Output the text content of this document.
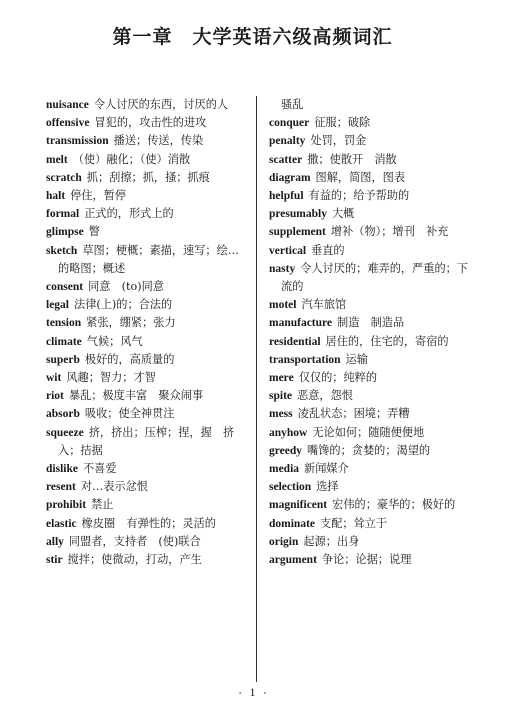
第一章　大学英语六级高频词汇

nuisance 令人讨厌的东西，讨厌的人

offensive 冒犯的，攻击性的进攻

transmission 播送；传送，传染

melt （使）融化；（使）消散

scratch 抓；刮擦；抓，搔；抓痕

halt 停住，暂停

formal 正式的，形式上的

glimpse 瞥

sketch 草图；梗概；素描，速写；绘…的略图；概述

consent 同意　(to)同意

legal 法律(上)的；合法的

tension 紧张，绷紧；张力

climate 气候；风气

superb 极好的，高质量的

wit 风趣；智力；才智

riot 暴乱；极度丰富　聚众闹事

absorb 吸收；使全神贯注

squeeze 挤，挤出；压榨；捏，握　挤入；拮据

dislike 不喜爱

resent 对…表示忿恨

prohibit 禁止

elastic 橡皮圈　有弹性的；灵活的

ally 同盟者，支持者　(使)联合

stir 搅拌；使微动，打动，产生

骚乱

conquer 征服；破除

penalty 处罚，罚金

scatter 撒；使散开　消散

diagram 图解，简图，图表

helpful 有益的；给予帮助的

presumably 大概

supplement 增补（物）；增刊　补充

vertical 垂直的

nasty 令人讨厌的；难弄的，严重的；下流的

motel 汽车旅馆

manufacture 制造　制造品

residential 居住的，住宅的，寄宿的

transportation 运输

mere 仅仅的；纯粹的

spite 恶意，怨恨

mess 凌乱状态；困境；弄糟

anyhow 无论如何；随随便便地

greedy 嘴馋的；贪婪的；渴望的

media 新闻媒介

selection 选择

magnificent 宏伟的；豪华的；极好的

dominate 支配；耸立于

origin 起源；出身

argument 争论；论据；说理

• 1 •
